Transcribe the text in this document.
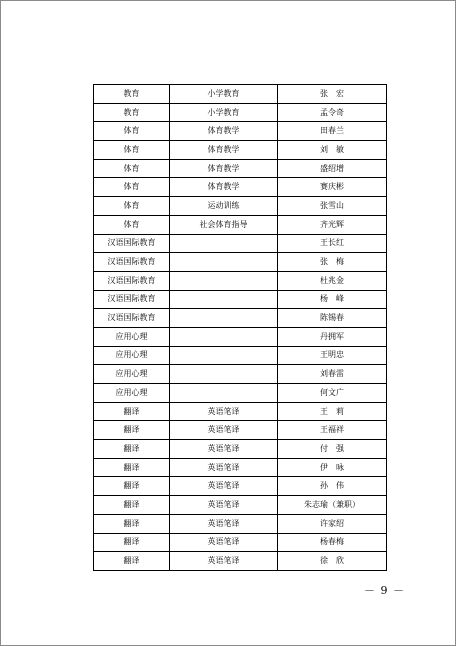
教育	小学教育	张　宏
教育	小学教育	孟令奇
体育	体育教学	田春兰
体育	体育教学	刘　敏
体育	体育教学	盛绍增
体育	体育教学	赛庆彬
体育	运动训练	张雪山
体育	社会体育指导	齐光辉
汉语国际教育		王长红
汉语国际教育		张　梅
汉语国际教育		杜兆金
汉语国际教育		杨　峰
汉语国际教育		陈锡春
应用心理		丹拥军
应用心理		王明忠
应用心理		刘春雷
应用心理		何文广
翻译	英语笔译	王　莉
翻译	英语笔译	王福祥
翻译	英语笔译	付　强
翻译	英语笔译	伊　咏
翻译	英语笔译	孙　伟
翻译	英语笔译	朱志瑜（兼职）
翻译	英语笔译	许家绍
翻译	英语笔译	杨春梅
翻译	英语笔译	徐　欣
－ 9 －
